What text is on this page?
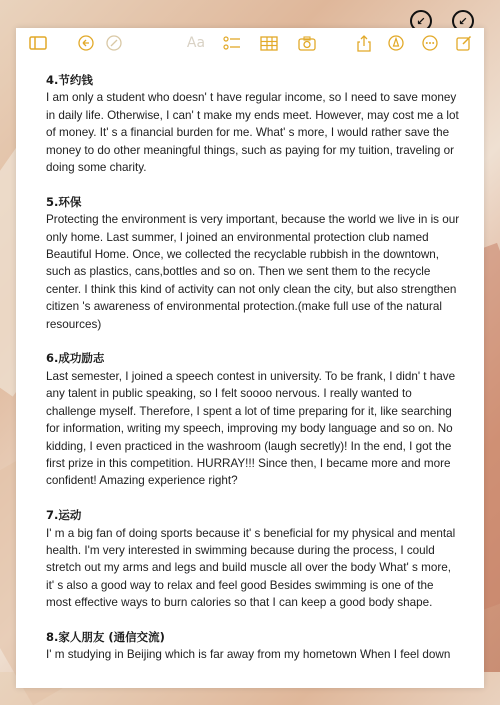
↙	↙
Aa

4.节约钱

I am only a student who doesn' t have regular income, so I need to save money in daily life. Otherwise, I can' t make my ends meet. However, may cost me a lot of money. It' s a financial burden for me. What' s more, I would rather save the money to do other meaningful things, such as paying for my tuition, traveling or doing some charity.

5.环保

Protecting the environment is very important, because the world we live in is our only home. Last summer, I joined an environmental protection club named Beautiful Home. Once, we collected the recyclable rubbish in the downtown, such as plastics, cans,bottles and so on. Then we sent them to the recycle center. I think this kind of activity can not only clean the city, but also strengthen citizen 's awareness of environmental protection.(make full use of the natural resources)

6.成功励志

Last semester, I joined a speech contest in university. To be frank, I didn' t have any talent in public speaking, so I felt soooo nervous. I really wanted to challenge myself. Therefore, I spent a lot of time preparing for it, like searching for information, writing my speech, improving my body language and so on. No kidding, I even practiced in the washroom (laugh secretly)! In the end, I got the first prize in this competition. HURRAY!!! Since then, I became more and more confident! Amazing experience right?

7.运动

I' m a big fan of doing sports because it' s beneficial for my physical and mental health. I'm very interested in swimming because during the process, I could stretch out my arms and legs and build muscle all over the body What' s more, it' s also a good way to relax and feel good Besides swimming is one of the most effective ways to burn calories so that I can keep a good body shape.

8.家人朋友 (通信交流)

I' m studying in Beijing which is far away from my hometown When I feel down
